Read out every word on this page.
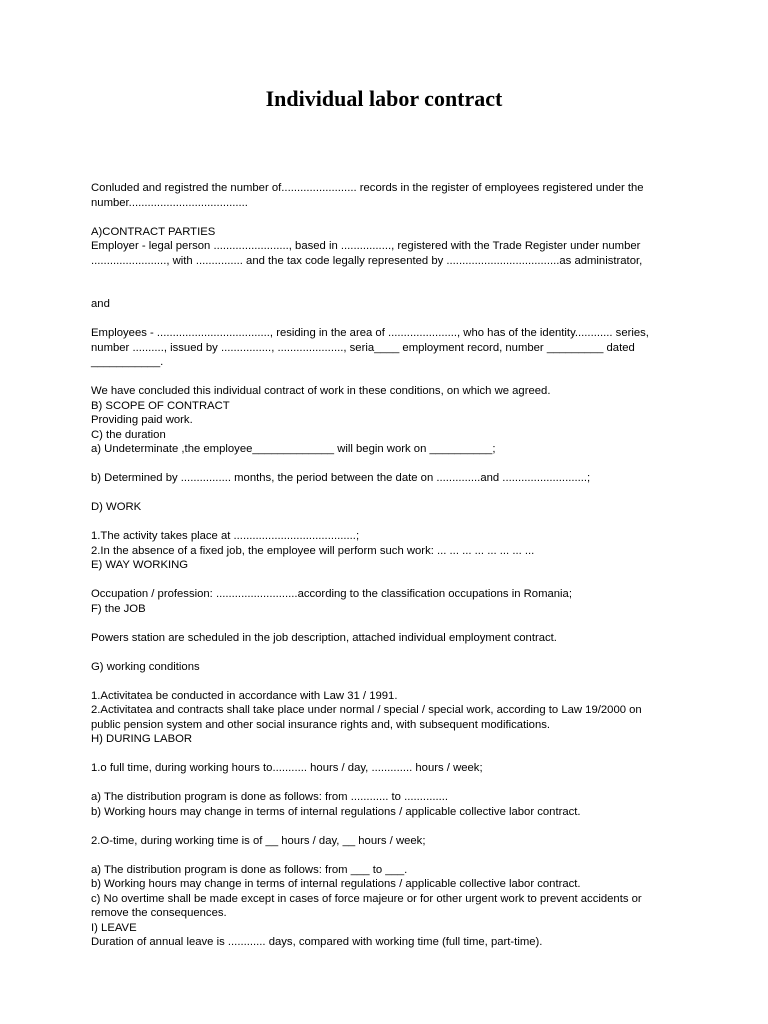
Individual labor contract

Conluded and registred the number of........................ records in the register of employees registered under the

number......................................

A)CONTRACT PARTIES

Employer - legal person ........................, based in ................, registered with the Trade Register under number

........................, with ............... and the tax code legally represented by ....................................as administrator,

and

Employees - ...................................., residing in the area of ......................, who has of the identity............ series,

number .........., issued by ................, ....................., seria____ employment record, number _________ dated

___________.

We have concluded this individual contract of work in these conditions, on which we agreed.

B) SCOPE OF CONTRACT

Providing paid work.

C) the duration

a) Undeterminate ,the employee_____________ will begin work on __________;

b) Determined by ................ months, the period between the date on ..............and ...........................;

D) WORK

1.The activity takes place at .......................................;

2.In the absence of a fixed job, the employee will perform such work: ... ... ... ... ... ... ... ...

E) WAY WORKING

Occupation / profession: ..........................according to the classification occupations in Romania;

F) the JOB

Powers station are scheduled in the job description, attached individual employment contract.

G) working conditions

1.Activitatea be conducted in accordance with Law 31 / 1991.

2.Activitatea and contracts shall take place under normal / special / special work, according to Law 19/2000 on

public pension system and other social insurance rights and, with subsequent modifications.

H) DURING LABOR

1.o full time, during working hours to........... hours / day, ............. hours / week;

a) The distribution program is done as follows: from ............ to ..............

b) Working hours may change in terms of internal regulations / applicable collective labor contract.

2.O-time, during working time is of __ hours / day, __ hours / week;

a) The distribution program is done as follows: from ___ to ___.

b) Working hours may change in terms of internal regulations / applicable collective labor contract.

c) No overtime shall be made except in cases of force majeure or for other urgent work to prevent accidents or

remove the consequences.

I) LEAVE

Duration of annual leave is ............ days, compared with working time (full time, part-time).
